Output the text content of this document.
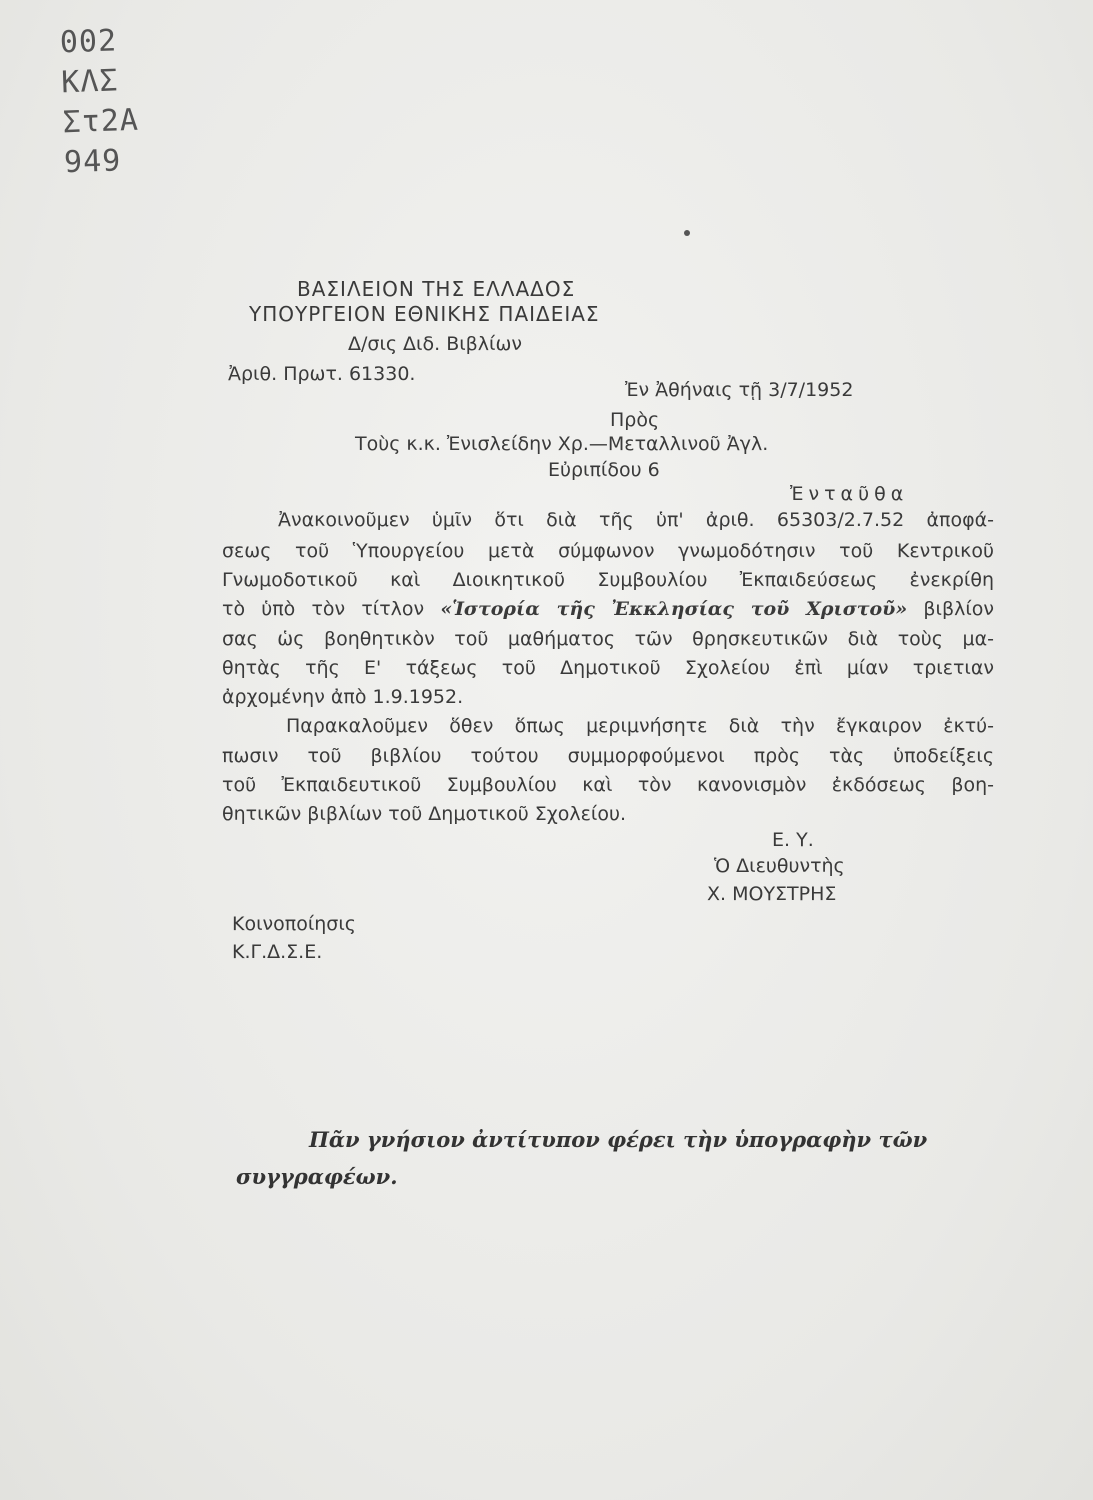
002
ΚΛΣ
Στ2Α
949
ΒΑΣΙΛΕΙΟΝ ΤΗΣ ΕΛΛΑΔΟΣ
ΥΠΟΥΡΓΕΙΟΝ ΕΘΝΙΚΗΣ ΠΑΙΔΕΙΑΣ
Δ/σις Διδ. Βιβλίων
Ἀριθ. Πρωτ. 61330.
Ἐν Ἀθήναις τῇ 3/7/1952
Πρὸς
Τοὺς κ.κ. Ἐνισλείδην Χρ.—Μεταλλινοῦ Ἀγλ.
Εὐριπίδου 6
Ἐνταῦθα
Ἀνακοινοῦμεν ὑμῖν ὅτι διὰ τῆς ὑπ' ἀριθ. 65303/2.7.52 ἀποφά-
σεως τοῦ Ὑπουργείου μετὰ σύμφωνον γνωμοδότησιν τοῦ Κεντρικοῦ
Γνωμοδοτικοῦ καὶ Διοικητικοῦ Συμβουλίου Ἐκπαιδεύσεως ἐνεκρίθη
τὸ ὑπὸ τὸν τίτλον «Ἱστορία τῆς Ἐκκλησίας τοῦ Χριστοῦ» βιβλίον
σας ὡς βοηθητικὸν τοῦ μαθήματος τῶν θρησκευτικῶν διὰ τοὺς μα-
θητὰς τῆς Ε' τάξεως τοῦ Δημοτικοῦ Σχολείου ἐπὶ μίαν τριετιαν
ἀρχομένην ἀπὸ 1.9.1952.
Παρακαλοῦμεν ὅθεν ὅπως μεριμνήσητε διὰ τὴν ἔγκαιρον ἐκτύ-
πωσιν τοῦ βιβλίου τούτου συμμορφούμενοι πρὸς τὰς ὑποδείξεις
τοῦ Ἐκπαιδευτικοῦ Συμβουλίου καὶ τὸν κανονισμὸν ἐκδόσεως βοη-
θητικῶν βιβλίων τοῦ Δημοτικοῦ Σχολείου.
Ε. Υ.
Ὁ Διευθυντὴς
Χ. ΜΟΥΣΤΡΗΣ
Κοινοποίησις
Κ.Γ.Δ.Σ.Ε.
Πᾶν γνήσιον ἀντίτυπον φέρει τὴν ὑπογραφὴν τῶν
συγγραφέων.
